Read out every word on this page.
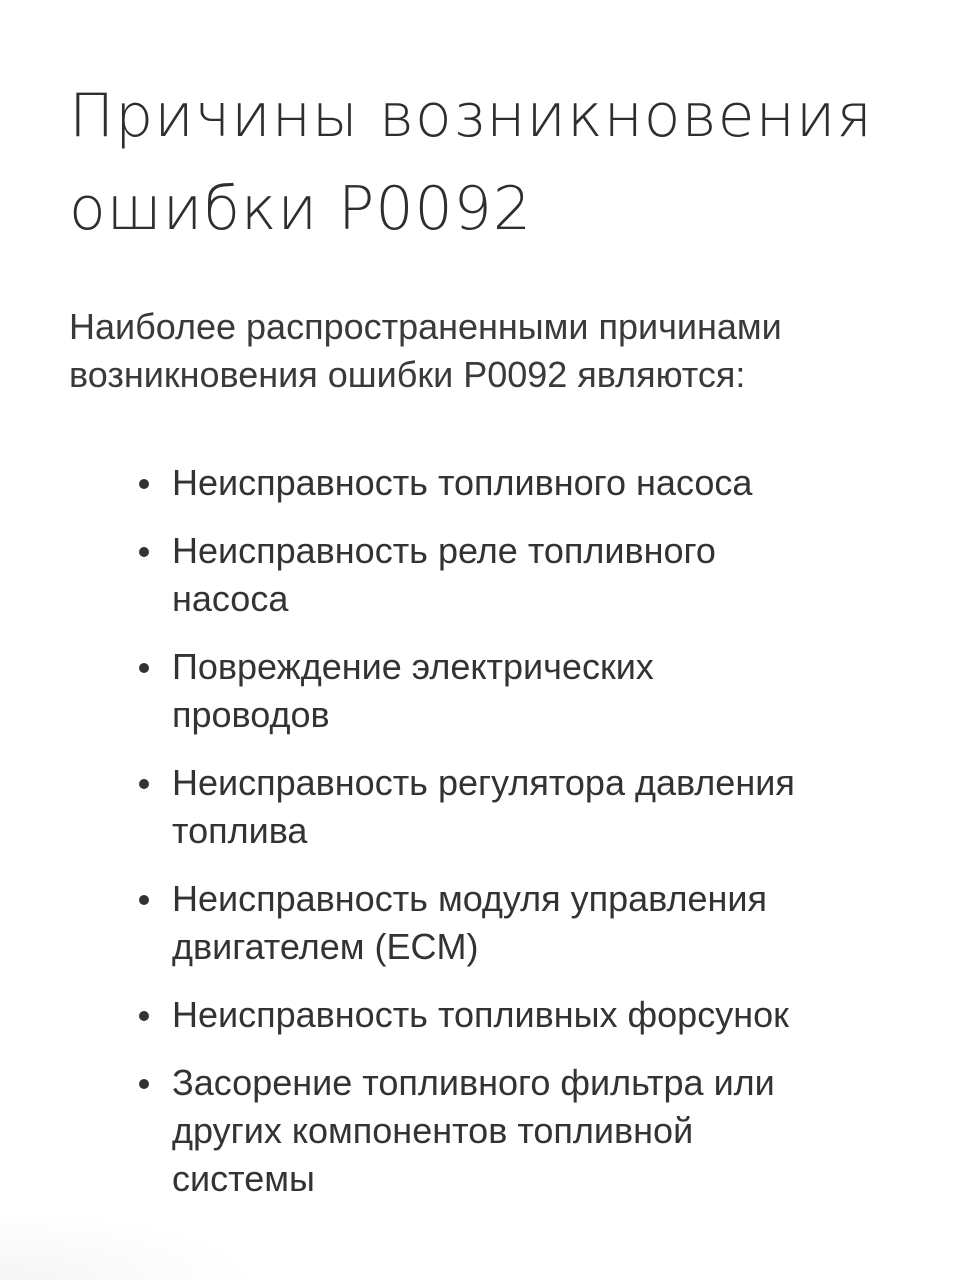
Причины возникновения
ошибки P0092

Наиболее распространенными причинами
возникновения ошибки P0092 являются:

Неисправность топливного насоса
Неисправность реле топливного
насоса
Повреждение электрических
проводов
Неисправность регулятора давления
топлива
Неисправность модуля управления
двигателем (ECM)
Неисправность топливных форсунок
Засорение топливного фильтра или
других компонентов топливной
системы
